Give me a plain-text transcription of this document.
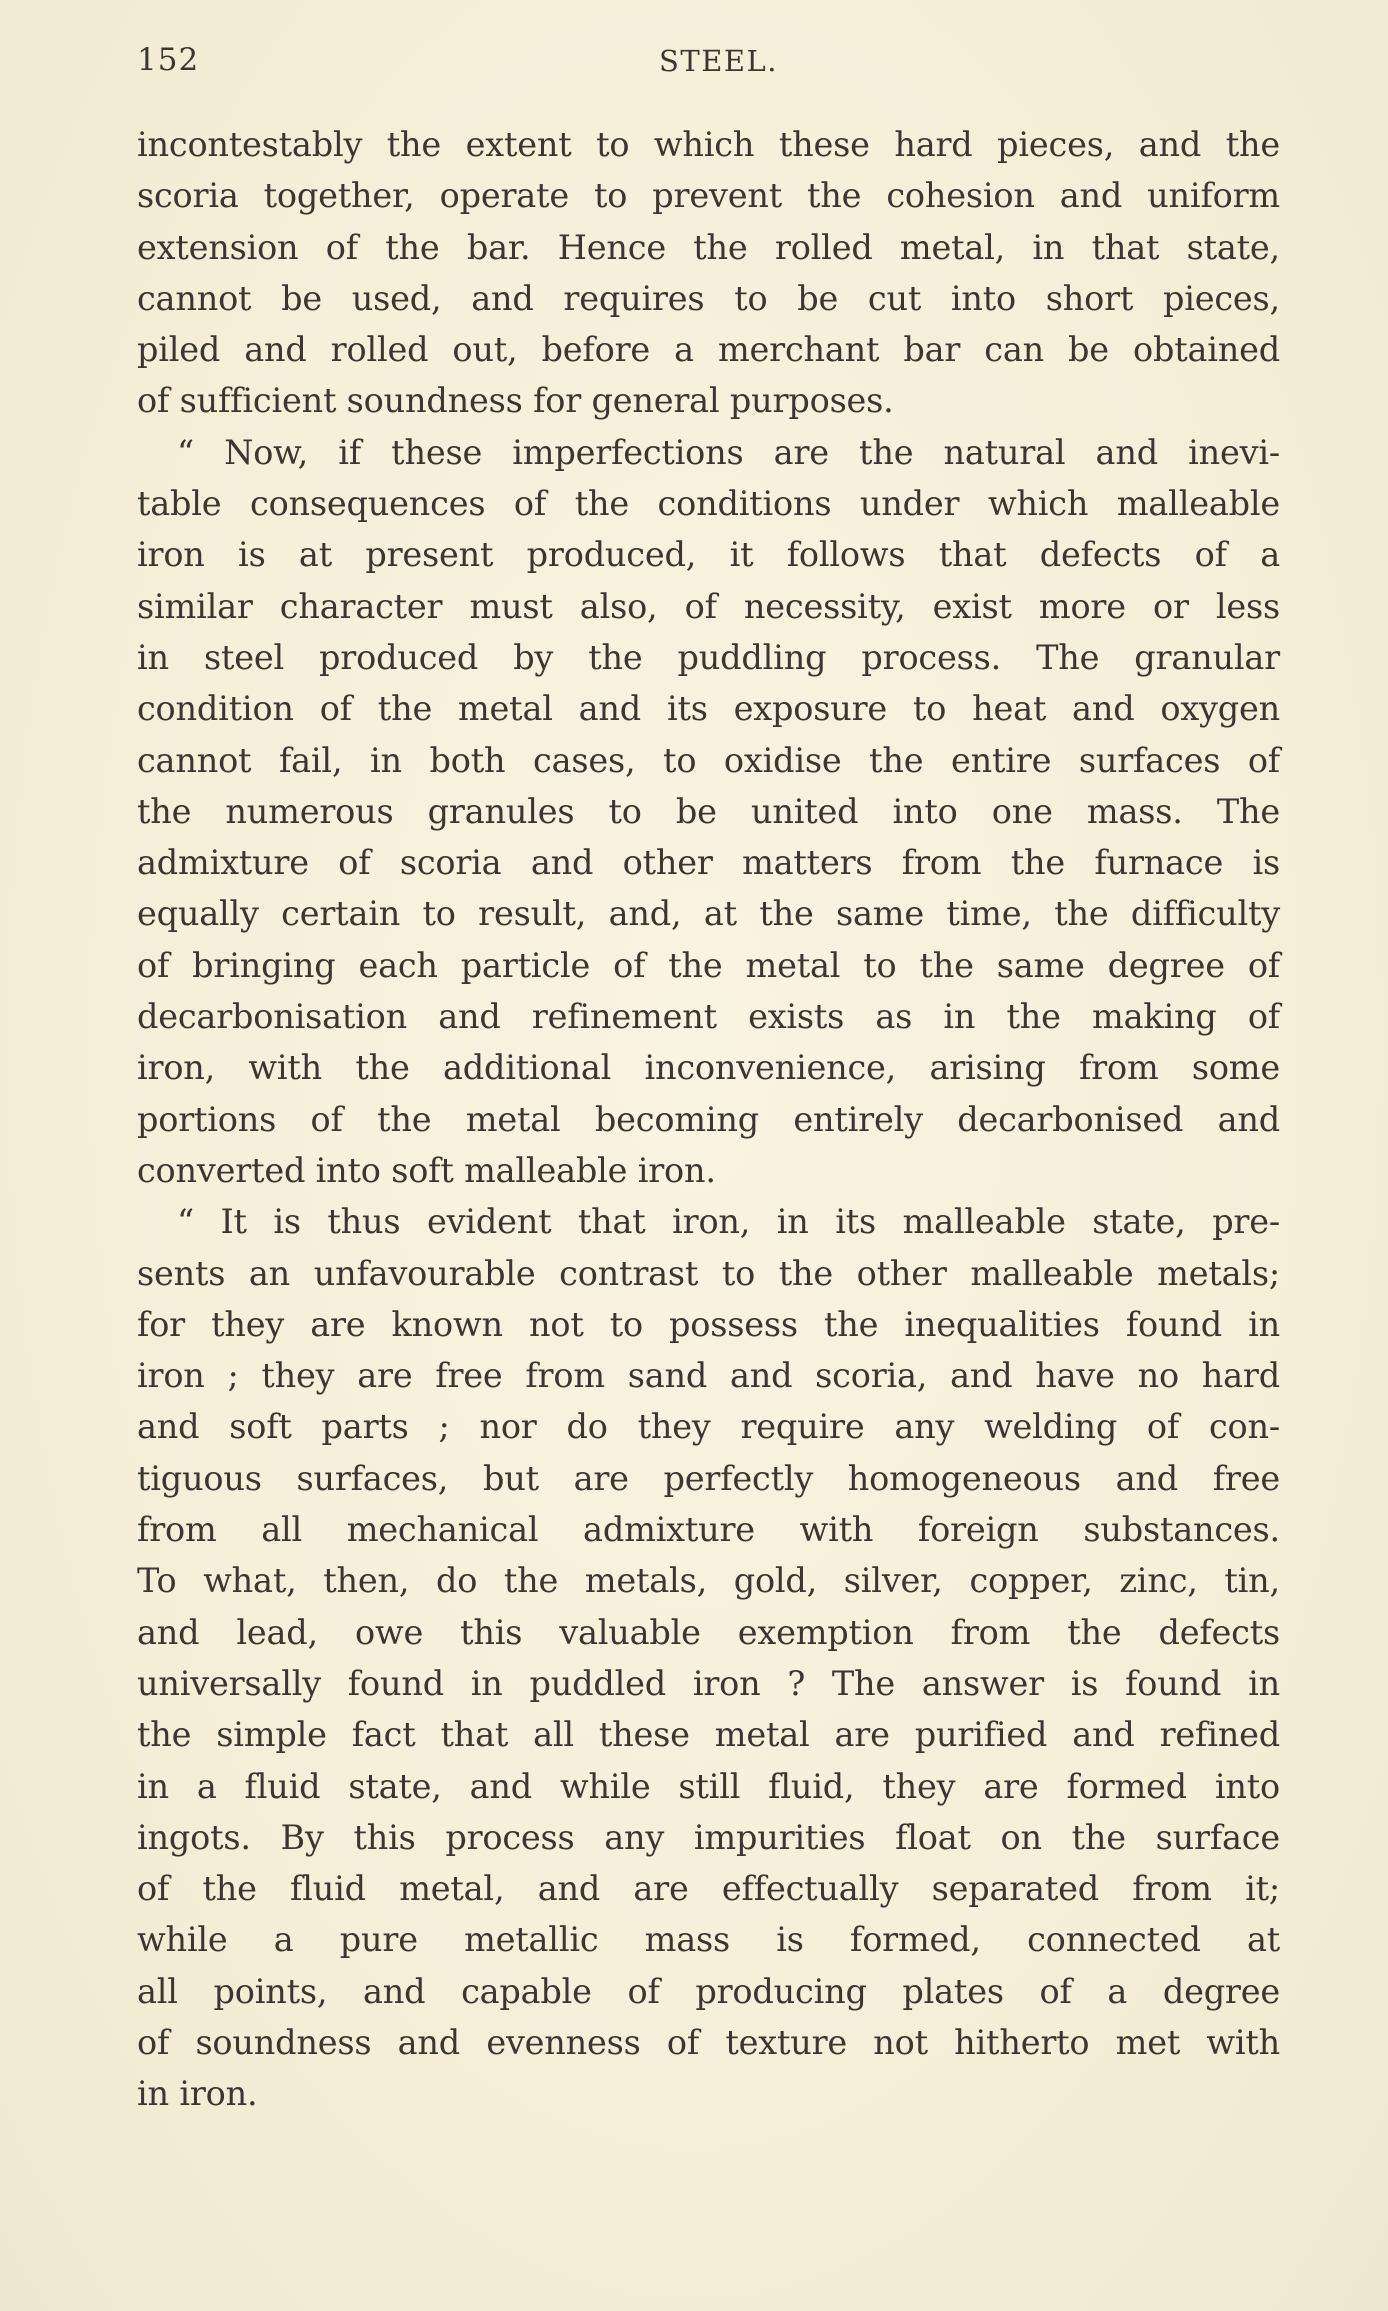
152	STEEL.
incontestably the extent to which these hard pieces, and the
scoria together, operate to prevent the cohesion and uniform
extension of the bar. Hence the rolled metal, in that state,
cannot be used, and requires to be cut into short pieces,
piled and rolled out, before a merchant bar can be obtained
of sufficient soundness for general purposes.
“ Now, if these imperfections are the natural and inevi-
table consequences of the conditions under which malleable
iron is at present produced, it follows that defects of a
similar character must also, of necessity, exist more or less
in steel produced by the puddling process. The granular
condition of the metal and its exposure to heat and oxygen
cannot fail, in both cases, to oxidise the entire surfaces of
the numerous granules to be united into one mass. The
admixture of scoria and other matters from the furnace is
equally certain to result, and, at the same time, the difficulty
of bringing each particle of the metal to the same degree of
decarbonisation and refinement exists as in the making of
iron, with the additional inconvenience, arising from some
portions of the metal becoming entirely decarbonised and
converted into soft malleable iron.
“ It is thus evident that iron, in its malleable state, pre-
sents an unfavourable contrast to the other malleable metals;
for they are known not to possess the inequalities found in
iron ; they are free from sand and scoria, and have no hard
and soft parts ; nor do they require any welding of con-
tiguous surfaces, but are perfectly homogeneous and free
from all mechanical admixture with foreign substances.
To what, then, do the metals, gold, silver, copper, zinc, tin,
and lead, owe this valuable exemption from the defects
universally found in puddled iron ? The answer is found in
the simple fact that all these metal are purified and refined
in a fluid state, and while still fluid, they are formed into
ingots. By this process any impurities float on the surface
of the fluid metal, and are effectually separated from it;
while a pure metallic mass is formed, connected at
all points, and capable of producing plates of a degree
of soundness and evenness of texture not hitherto met with
in iron.
